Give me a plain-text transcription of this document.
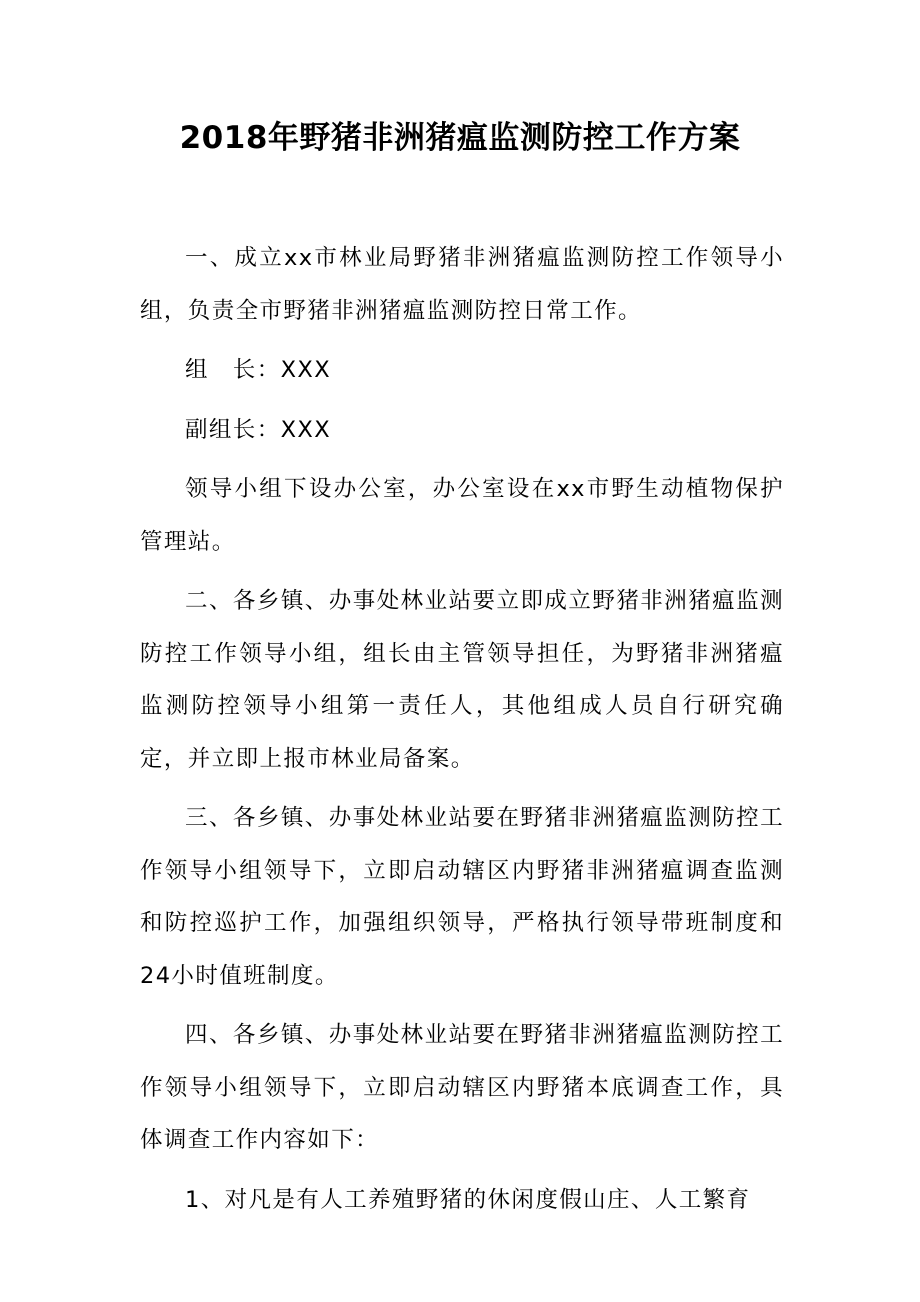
2018年野猪非洲猪瘟监测防控工作方案

一、成立xx市林业局野猪非洲猪瘟监测防控工作领导小组，负责全市野猪非洲猪瘟监测防控日常工作。

组　长：XXX

副组长：XXX

领导小组下设办公室，办公室设在xx市野生动植物保护管理站。

二、各乡镇、办事处林业站要立即成立野猪非洲猪瘟监测防控工作领导小组，组长由主管领导担任，为野猪非洲猪瘟监测防控领导小组第一责任人，其他组成人员自行研究确定，并立即上报市林业局备案。

三、各乡镇、办事处林业站要在野猪非洲猪瘟监测防控工作领导小组领导下，立即启动辖区内野猪非洲猪瘟调查监测和防控巡护工作，加强组织领导，严格执行领导带班制度和24小时值班制度。

四、各乡镇、办事处林业站要在野猪非洲猪瘟监测防控工作领导小组领导下，立即启动辖区内野猪本底调查工作，具体调查工作内容如下：

1、对凡是有人工养殖野猪的休闲度假山庄、人工繁育
